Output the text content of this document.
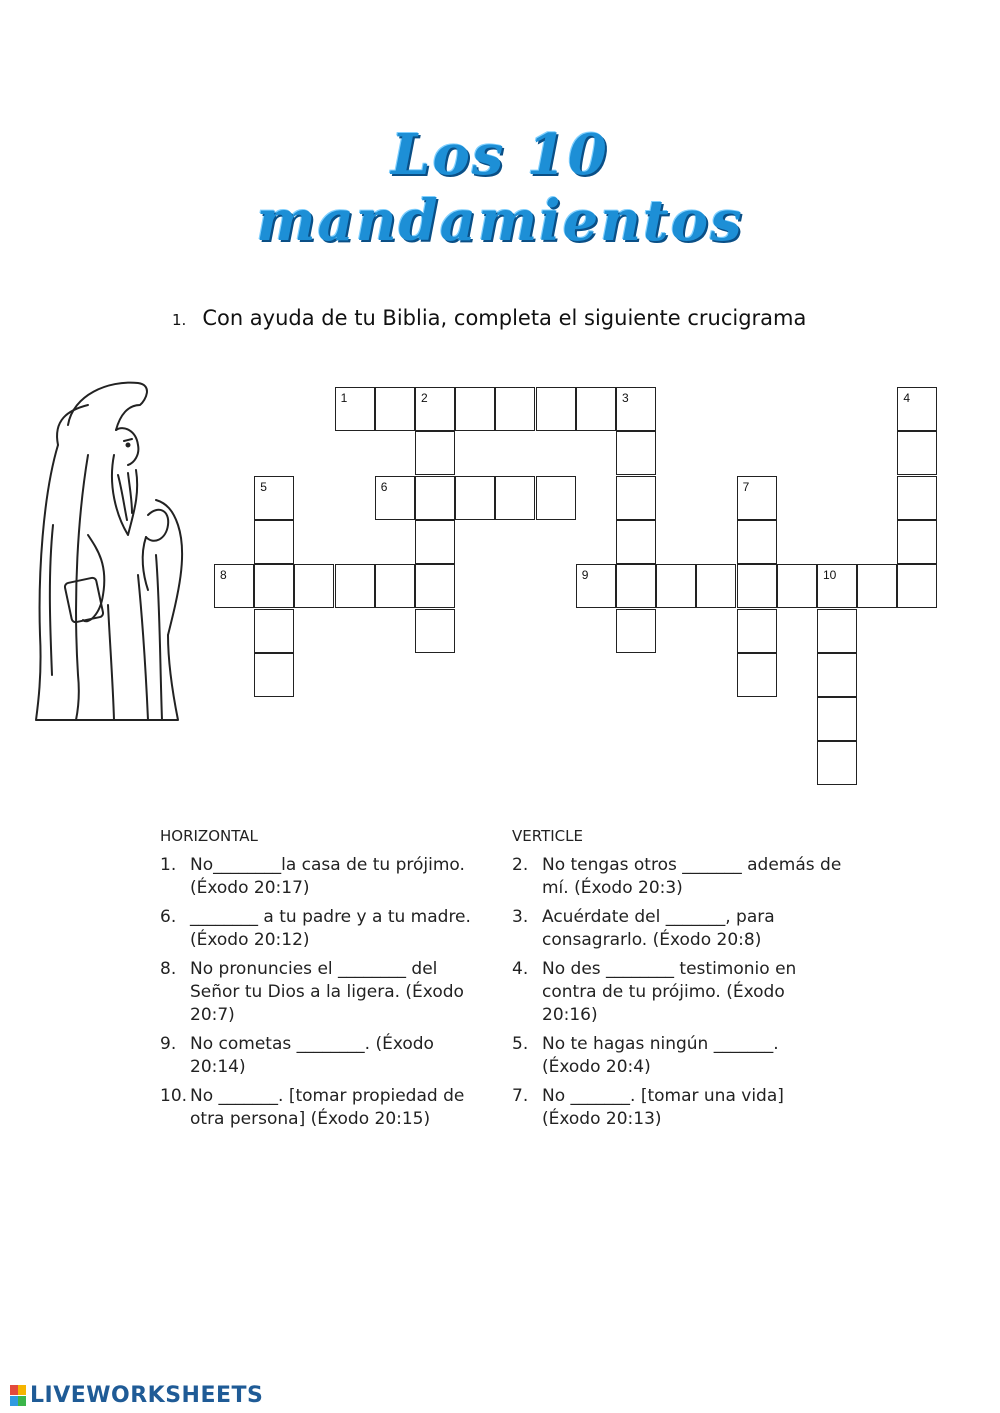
Los 10
mandamientos
1. Con ayuda de tu Biblia, completa el siguiente crucigrama
1	2	3	4
5	6	7
8	9	10
HORIZONTAL
1. No________la casa de tu prójimo. (Éxodo 20:17)
6. ________ a tu padre y a tu madre. (Éxodo 20:12)
8. No pronuncies el ________ del Señor tu Dios a la ligera. (Éxodo 20:7)
9. No cometas ________. (Éxodo 20:14)
10. No _______. [tomar propiedad de otra persona] (Éxodo 20:15)
VERTICLE
2. No tengas otros _______ además de mí. (Éxodo 20:3)
3. Acuérdate del _______, para consagrarlo. (Éxodo 20:8)
4. No des ________ testimonio en contra de tu prójimo. (Éxodo 20:16)
5. No te hagas ningún _______. (Éxodo 20:4)
7. No _______. [tomar una vida] (Éxodo 20:13)
LIVEWORKSHEETS
